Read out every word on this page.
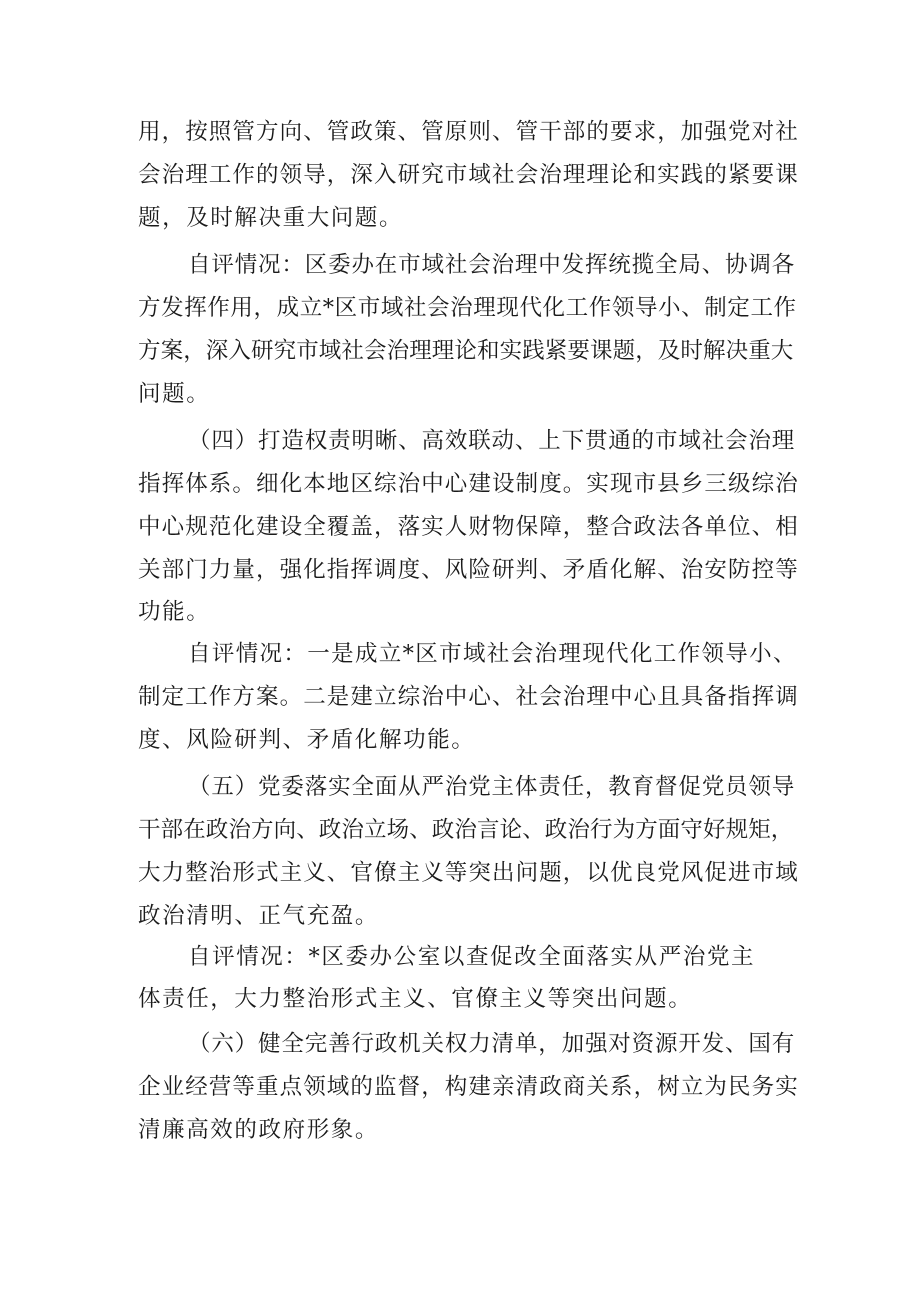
用，按照管方向、管政策、管原则、管干部的要求，加强党对社
会治理工作的领导，深入研究市域社会治理理论和实践的紧要课
题，及时解决重大问题。
自评情况：区委办在市域社会治理中发挥统揽全局、协调各
方发挥作用，成立*区市域社会治理现代化工作领导小、制定工作
方案，深入研究市域社会治理理论和实践紧要课题，及时解决重大
问题。
（四）打造权责明晰、高效联动、上下贯通的市域社会治理
指挥体系。细化本地区综治中心建设制度。实现市县乡三级综治
中心规范化建设全覆盖，落实人财物保障，整合政法各单位、相
关部门力量，强化指挥调度、风险研判、矛盾化解、治安防控等
功能。
自评情况：一是成立*区市域社会治理现代化工作领导小、
制定工作方案。二是建立综治中心、社会治理中心且具备指挥调
度、风险研判、矛盾化解功能。
（五）党委落实全面从严治党主体责任，教育督促党员领导
干部在政治方向、政治立场、政治言论、政治行为方面守好规矩，
大力整治形式主义、官僚主义等突出问题，以优良党风促进市域
政治清明、正气充盈。
自评情况：*区委办公室以查促改全面落实从严治党主
体责任，大力整治形式主义、官僚主义等突出问题。
（六）健全完善行政机关权力清单，加强对资源开发、国有
企业经营等重点领域的监督，构建亲清政商关系，树立为民务实
清廉高效的政府形象。
